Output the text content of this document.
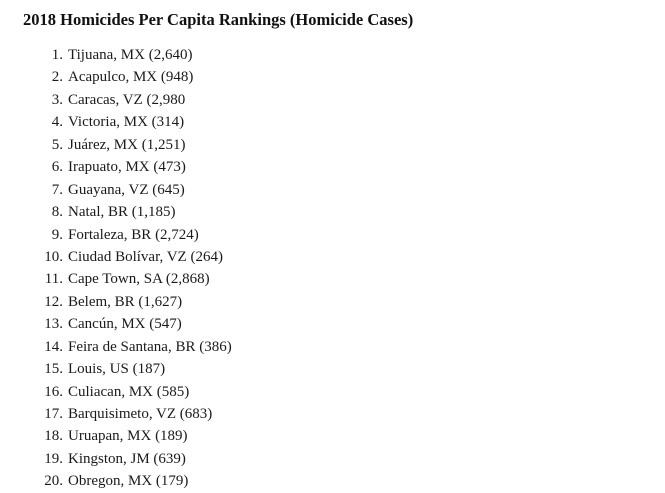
2018 Homicides Per Capita Rankings (Homicide Cases)
1. Tijuana, MX (2,640)
2. Acapulco, MX (948)
3. Caracas, VZ (2,980
4. Victoria, MX (314)
5. Juárez, MX (1,251)
6. Irapuato, MX (473)
7. Guayana, VZ (645)
8. Natal, BR (1,185)
9. Fortaleza, BR (2,724)
10. Ciudad Bolívar, VZ (264)
11. Cape Town, SA (2,868)
12. Belem, BR (1,627)
13. Cancún, MX (547)
14. Feira de Santana, BR (386)
15. Louis, US (187)
16. Culiacan, MX (585)
17. Barquisimeto, VZ (683)
18. Uruapan, MX (189)
19. Kingston, JM (639)
20. Obregon, MX (179)
